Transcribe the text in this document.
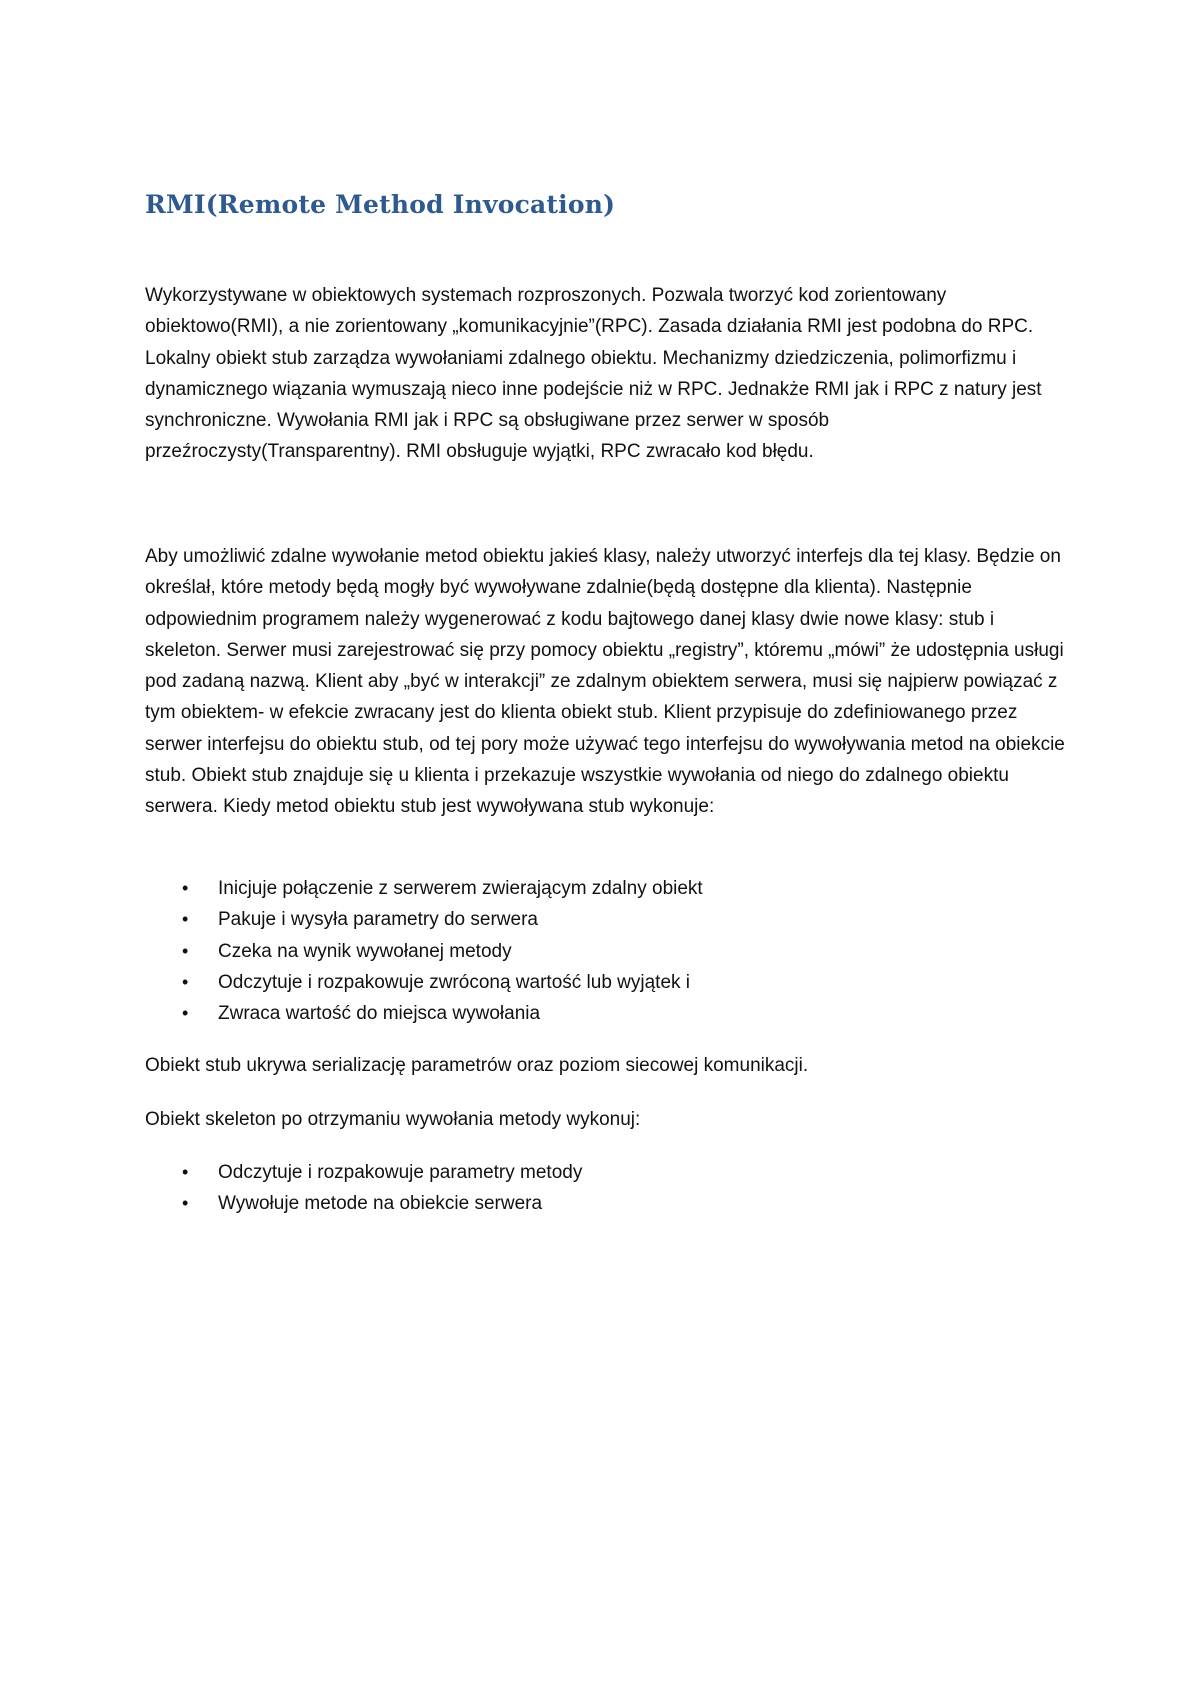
RMI(Remote Method Invocation)

Wykorzystywane w obiektowych systemach rozproszonych. Pozwala tworzyć kod zorientowany obiektowo(RMI), a nie zorientowany „komunikacyjnie”(RPC). Zasada działania RMI jest podobna do RPC. Lokalny obiekt stub zarządza wywołaniami zdalnego obiektu. Mechanizmy dziedziczenia, polimorfizmu i dynamicznego wiązania wymuszają nieco inne podejście niż w RPC. Jednakże RMI jak i RPC z natury jest synchroniczne. Wywołania RMI jak i RPC są obsługiwane przez serwer w sposób przeźroczysty(Transparentny). RMI obsługuje wyjątki, RPC zwracało kod błędu.

Aby umożliwić zdalne wywołanie metod obiektu jakieś klasy, należy utworzyć interfejs dla tej klasy. Będzie on określał, które metody będą mogły być wywoływane zdalnie(będą dostępne dla klienta). Następnie odpowiednim programem należy wygenerować z kodu bajtowego danej klasy dwie nowe klasy: stub i skeleton. Serwer musi zarejestrować się przy pomocy obiektu „registry”, któremu „mówi” że udostępnia usługi pod zadaną nazwą. Klient aby „być w interakcji” ze zdalnym obiektem serwera, musi się najpierw powiązać z tym obiektem- w efekcie zwracany jest do klienta obiekt stub. Klient przypisuje do zdefiniowanego przez serwer interfejsu do obiektu stub, od tej pory może używać tego interfejsu do wywoływania metod na obiekcie stub. Obiekt stub znajduje się u klienta i przekazuje wszystkie wywołania od niego do zdalnego obiektu serwera. Kiedy metod obiektu stub jest wywoływana stub wykonuje:

• Inicjuje połączenie z serwerem zwierającym zdalny obiekt
• Pakuje i wysyła parametry do serwera
• Czeka na wynik wywołanej metody
• Odczytuje i rozpakowuje zwróconą wartość lub wyjątek i
• Zwraca wartość do miejsca wywołania

Obiekt stub ukrywa serializację parametrów oraz poziom siecowej komunikacji.

Obiekt skeleton po otrzymaniu wywołania metody wykonuj:

• Odczytuje i rozpakowuje parametry metody
• Wywołuje metode na obiekcie serwera
